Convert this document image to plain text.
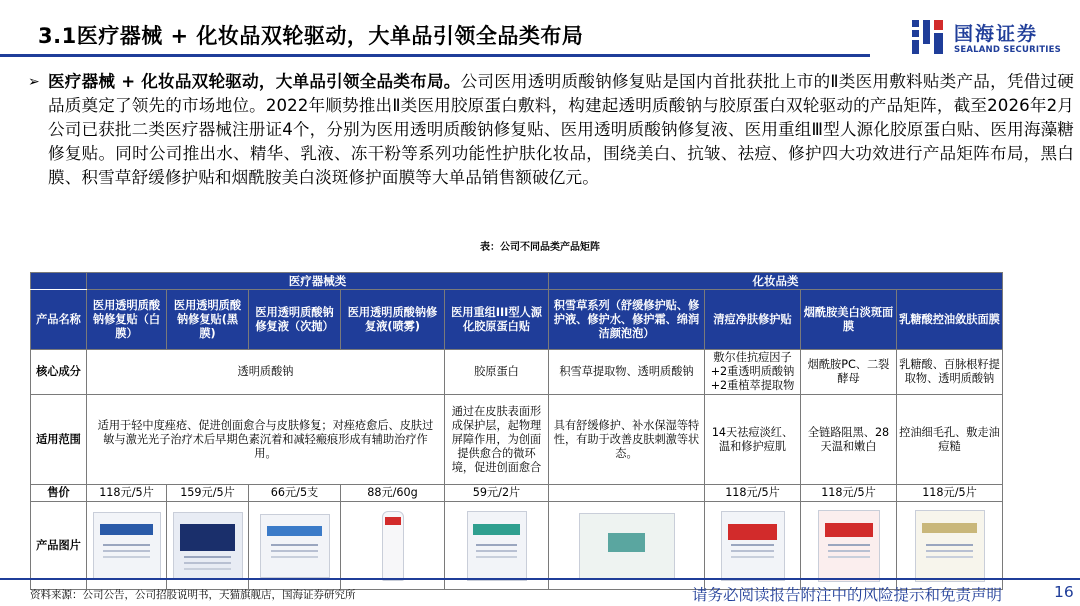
3.1医疗器械 + 化妆品双轮驱动，大单品引领全品类布局	国海证券
SEALAND SECURITIES
➢ 医疗器械 + 化妆品双轮驱动，大单品引领全品类布局。公司医用透明质酸钠修复贴是国内首批获批上市的Ⅱ类医用敷料贴类产品，凭借过硬品质奠定了领先的市场地位。2022年顺势推出Ⅱ类医用胶原蛋白敷料，构建起透明质酸钠与胶原蛋白双轮驱动的产品矩阵，截至2026年2月公司已获批二类医疗器械注册证4个，分别为医用透明质酸钠修复贴、医用透明质酸钠修复液、医用重组Ⅲ型人源化胶原蛋白贴、医用海藻糖修复贴。同时公司推出水、精华、乳液、冻干粉等系列功能性护肤化妆品，围绕美白、抗皱、祛痘、修护四大功效进行产品矩阵布局，黑白膜、积雪草舒缓修护贴和烟酰胺美白淡斑修护面膜等大单品销售额破亿元。

表：公司不同品类产品矩阵
	医疗器械类					化妆品类			
产品名称	医用透明质酸钠修复贴（白膜）	医用透明质酸钠修复贴(黑膜)	医用透明质酸钠修复液（次抛）	医用透明质酸钠修复液(喷雾)	医用重组III型人源化胶原蛋白贴	积雪草系列（舒缓修护贴、修护液、修护水、修护霜、绵润洁颜泡泡）	清痘净肤修护贴	烟酰胺美白淡斑面膜	乳糖酸控油敛肤面膜
核心成分	透明质酸钠				胶原蛋白	积雪草提取物、透明质酸钠	敷尔佳抗痘因子+2重透明质酸钠+2重植萃提取物	烟酰胺PC、二裂酵母	乳糖酸、百脉根籽提取物、透明质酸钠
适用范围	适用于轻中度痤疮、促进创面愈合与皮肤修复；对痤疮愈后、皮肤过敏与激光光子治疗术后早期色素沉着和减轻瘢痕形成有辅助治疗作用。				通过在皮肤表面形成保护层，起物理屏障作用，为创面提供愈合的微环境，促进创面愈合	具有舒缓修护、补水保湿等特性，有助于改善皮肤刺激等状态。	14天祛痘淡红、温和修护痘肌	全链路阻黑、28天温和嫩白	控油细毛孔、敷走油痘糙
售价	118元/5片	159元/5片	66元/5支	88元/60g	59元/2片		118元/5片	118元/5片	118元/5片
产品图片	

资料来源：公司公告，公司招股说明书，天猫旗舰店，国海证券研究所	请务必阅读报告附注中的风险提示和免责声明	16
